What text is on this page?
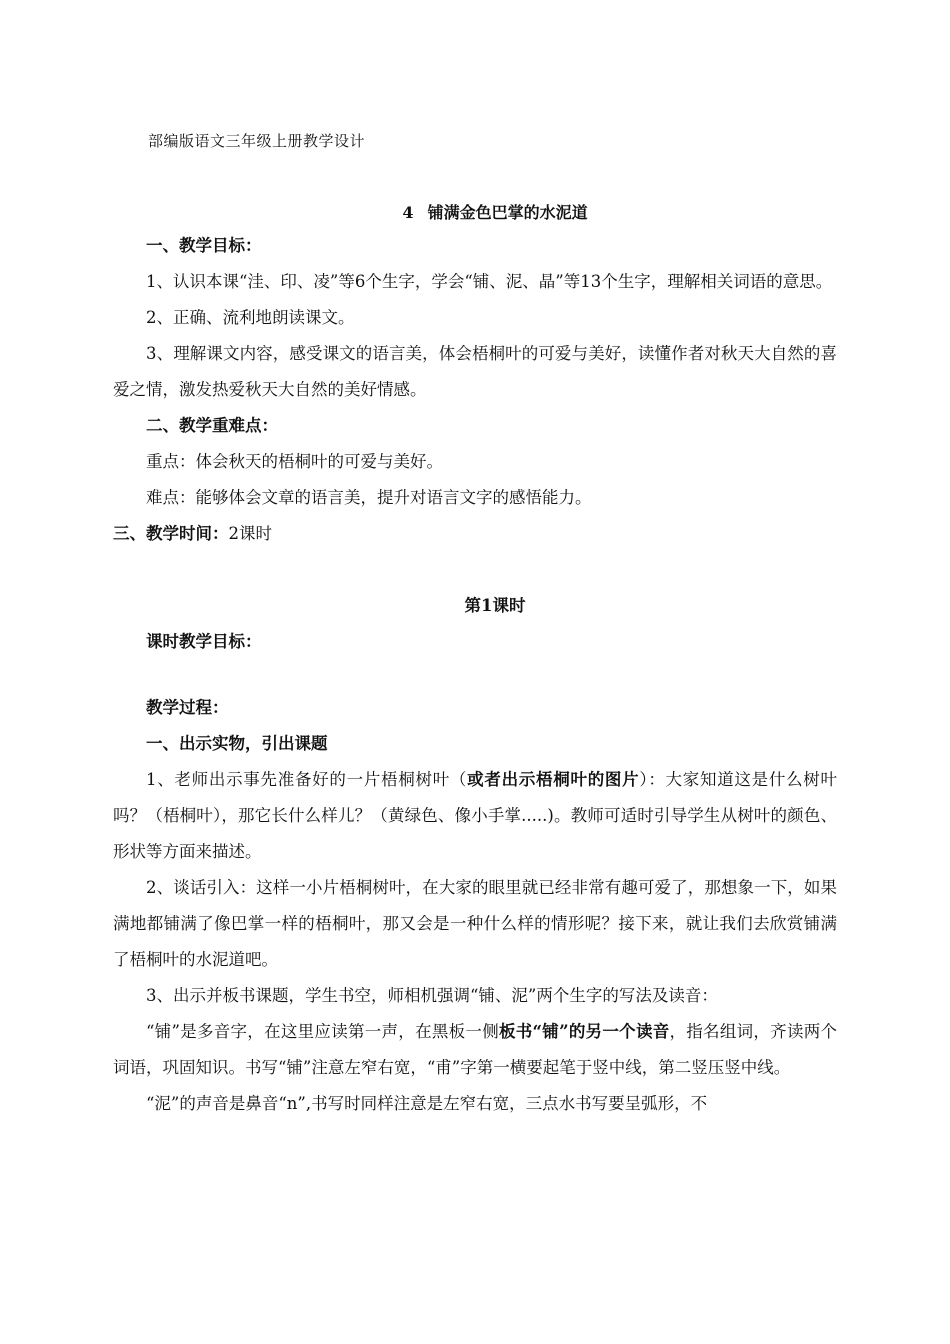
部编版语文三年级上册教学设计
4 铺满金色巴掌的水泥道

一、教学目标：

1、认识本课“洼、印、凌”等6个生字，学会“铺、泥、晶”等13个生字，理解相关词语的意思。

2、正确、流利地朗读课文。

3、理解课文内容，感受课文的语言美，体会梧桐叶的可爱与美好，读懂作者对秋天大自然的喜爱之情，激发热爱秋天大自然的美好情感。

二、教学重难点：

重点：体会秋天的梧桐叶的可爱与美好。

难点：能够体会文章的语言美，提升对语言文字的感悟能力。

三、教学时间：2课时

第1课时

课时教学目标：

教学过程：

一、出示实物，引出课题

1、老师出示事先准备好的一片梧桐树叶（或者出示梧桐叶的图片）：大家知道这是什么树叶吗？（梧桐叶），那它长什么样儿？（黄绿色、像小手掌.....)。教师可适时引导学生从树叶的颜色、形状等方面来描述。

2、谈话引入：这样一小片梧桐树叶，在大家的眼里就已经非常有趣可爱了，那想象一下，如果满地都铺满了像巴掌一样的梧桐叶，那又会是一种什么样的情形呢？接下来，就让我们去欣赏铺满了梧桐叶的水泥道吧。

3、出示并板书课题，学生书空，师相机强调“铺、泥”两个生字的写法及读音：

“铺”是多音字，在这里应读第一声，在黑板一侧板书“铺”的另一个读音，指名组词，齐读两个词语，巩固知识。书写“铺”注意左窄右宽，“甫”字第一横要起笔于竖中线，第二竖压竖中线。

“泥”的声音是鼻音“n”,书写时同样注意是左窄右宽，三点水书写要呈弧形，不
